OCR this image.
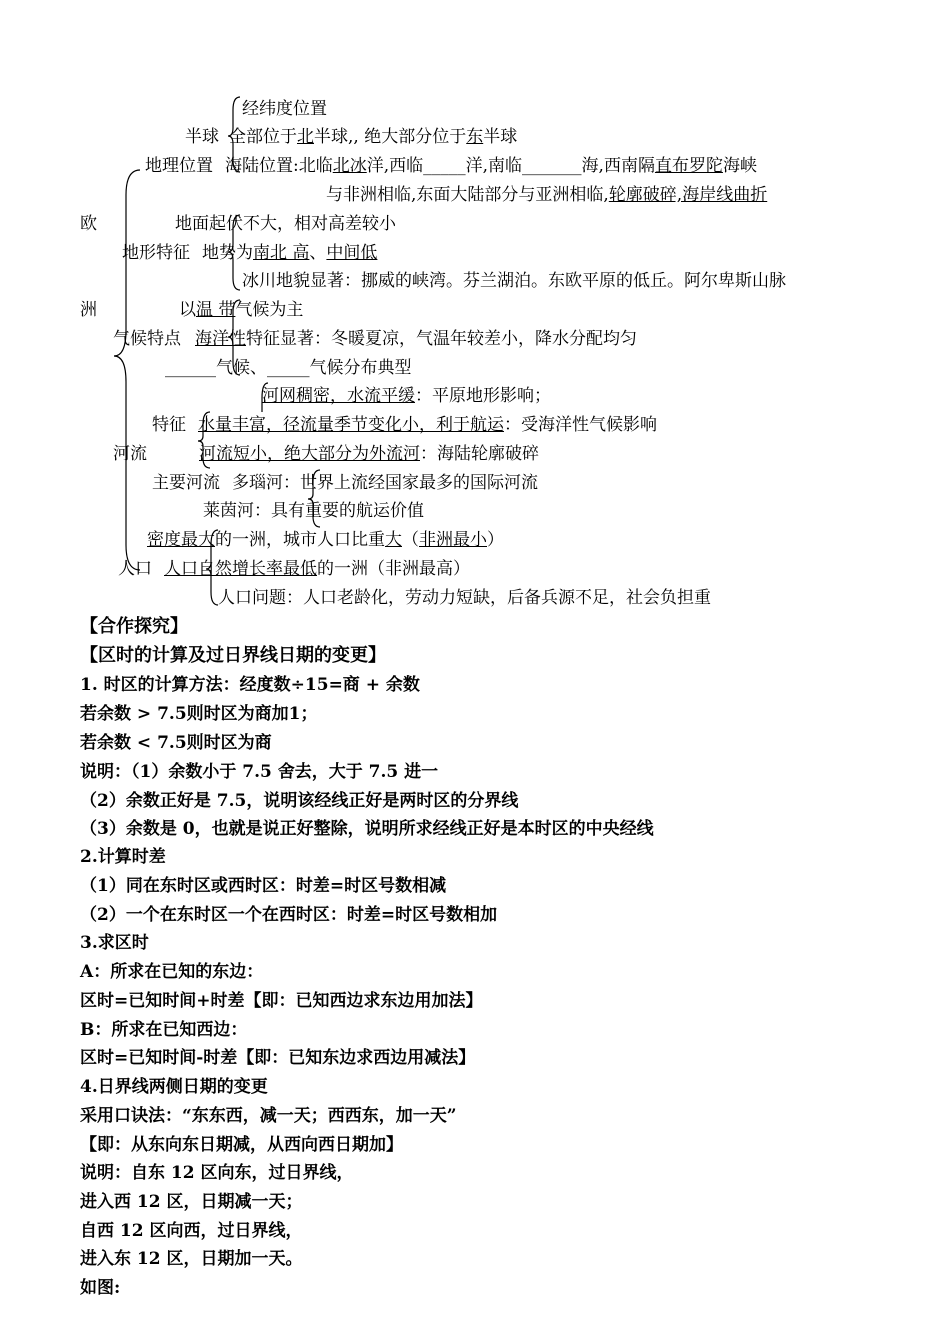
经纬度位置
半球 全部位于北半球,, 绝大部分位于东半球
地理位置 海陆位置:北临北冰洋,西临_____洋,南临_______海,西南隔直布罗陀海峡
与非洲相临,东面大陆部分与亚洲相临,轮廓破碎,海岸线曲折
欧	地面起伏不大，相对高差较小
地形特征 地势为南北 高、中间低
冰川地貌显著：挪威的峡湾。芬兰湖泊。东欧平原的低丘。阿尔卑斯山脉
洲	以温 带气候为主
气候特点 海洋性特征显著：冬暖夏凉，气温年较差小，降水分配均匀
______气候、_____气候分布典型
河网稠密，水流平缓：平原地形影响；
特征 水量丰富，径流量季节变化小，利于航运：受海洋性气候影响
河流	河流短小，绝大部分为外流河：海陆轮廓破碎
主要河流 多瑙河：世界上流经国家最多的国际河流
莱茵河：具有重要的航运价值
密度最大的一洲，城市人口比重大（非洲最小）
人口 人口自然增长率最低的一洲（非洲最高）
人口问题：人口老龄化，劳动力短缺，后备兵源不足，社会负担重
【合作探究】
【区时的计算及过日界线日期的变更】
1. 时区的计算方法：经度数÷15=商 + 余数
若余数 > 7.5则时区为商加1；
若余数 < 7.5则时区为商
说明：（1）余数小于 7.5 舍去，大于 7.5 进一
（2）余数正好是 7.5，说明该经线正好是两时区的分界线
（3）余数是 0，也就是说正好整除，说明所求经线正好是本时区的中央经线
2.计算时差
（1）同在东时区或西时区：时差=时区号数相减
（2）一个在东时区一个在西时区：时差=时区号数相加
3.求区时
A：所求在已知的东边：
区时=已知时间+时差【即：已知西边求东边用加法】
B：所求在已知西边：
区时=已知时间-时差【即：已知东边求西边用减法】
4.日界线两侧日期的变更
采用口诀法：“东东西，减一天；西西东，加一天”
【即：从东向东日期减，从西向西日期加】
说明：自东 12 区向东，过日界线，
进入西 12 区，日期减一天；
自西 12 区向西，过日界线，
进入东 12 区，日期加一天。
如图:
